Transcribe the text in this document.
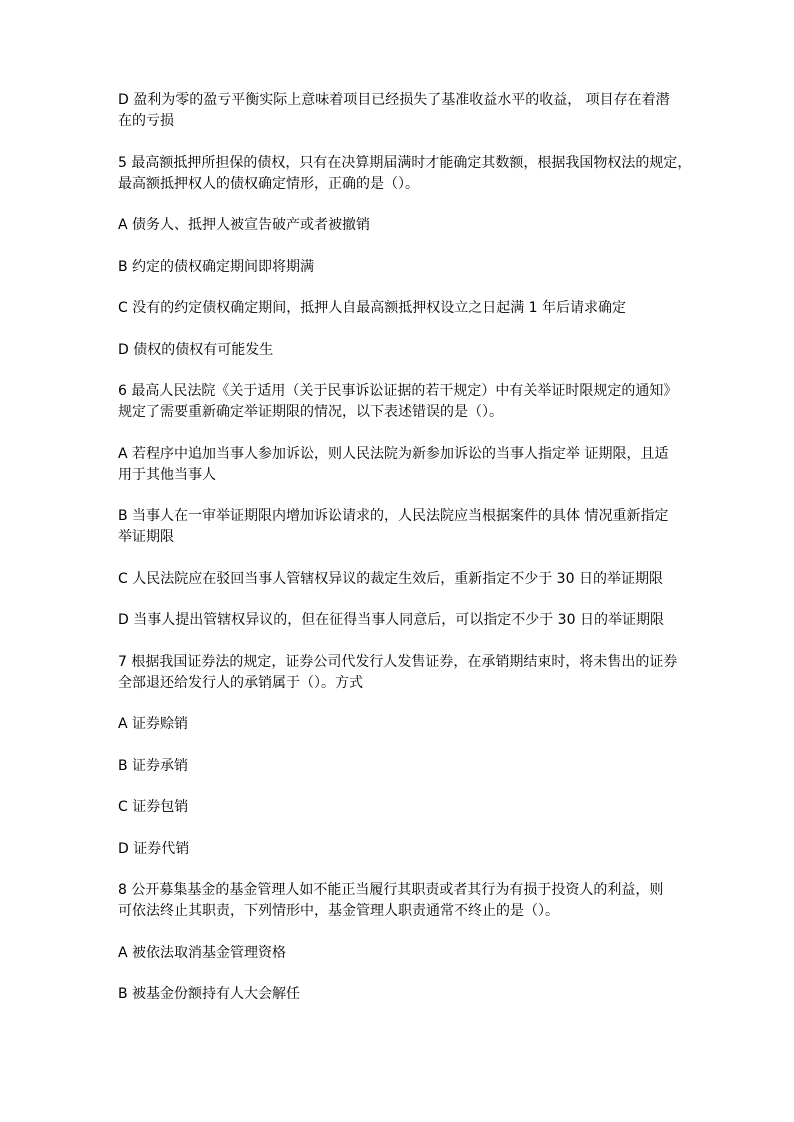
D 盈利为零的盈亏平衡实际上意味着项目已经损失了基准收益水平的收益， 项目存在着潜
在的亏损

5 最高额抵押所担保的债权，只有在决算期届满时才能确定其数额，根据我国物权法的规定，
最高额抵押权人的债权确定情形，正确的是（）。

A 债务人、抵押人被宣告破产或者被撤销

B 约定的债权确定期间即将期满

C 没有的约定债权确定期间，抵押人自最高额抵押权设立之日起满 1 年后请求确定

D 债权的债权有可能发生

6 最高人民法院《关于适用（关于民事诉讼证据的若干规定）中有关举证时限规定的通知》
规定了需要重新确定举证期限的情况，以下表述错误的是（）。

A 若程序中追加当事人参加诉讼，则人民法院为新参加诉讼的当事人指定举 证期限，且适
用于其他当事人

B 当事人在一审举证期限内增加诉讼请求的，人民法院应当根据案件的具体 情况重新指定
举证期限

C 人民法院应在驳回当事人管辖权异议的裁定生效后，重新指定不少于 30 日的举证期限

D 当事人提出管辖权异议的，但在征得当事人同意后，可以指定不少于 30 日的举证期限

7 根据我国证券法的规定，证券公司代发行人发售证券，在承销期结束时，将未售出的证券
全部退还给发行人的承销属于（）。方式

A 证券赊销

B 证券承销

C 证券包销

D 证券代销

8 公开募集基金的基金管理人如不能正当履行其职责或者其行为有损于投资人的利益，则
可依法终止其职责，下列情形中，基金管理人职责通常不终止的是（）。

A 被依法取消基金管理资格

B 被基金份额持有人大会解任
